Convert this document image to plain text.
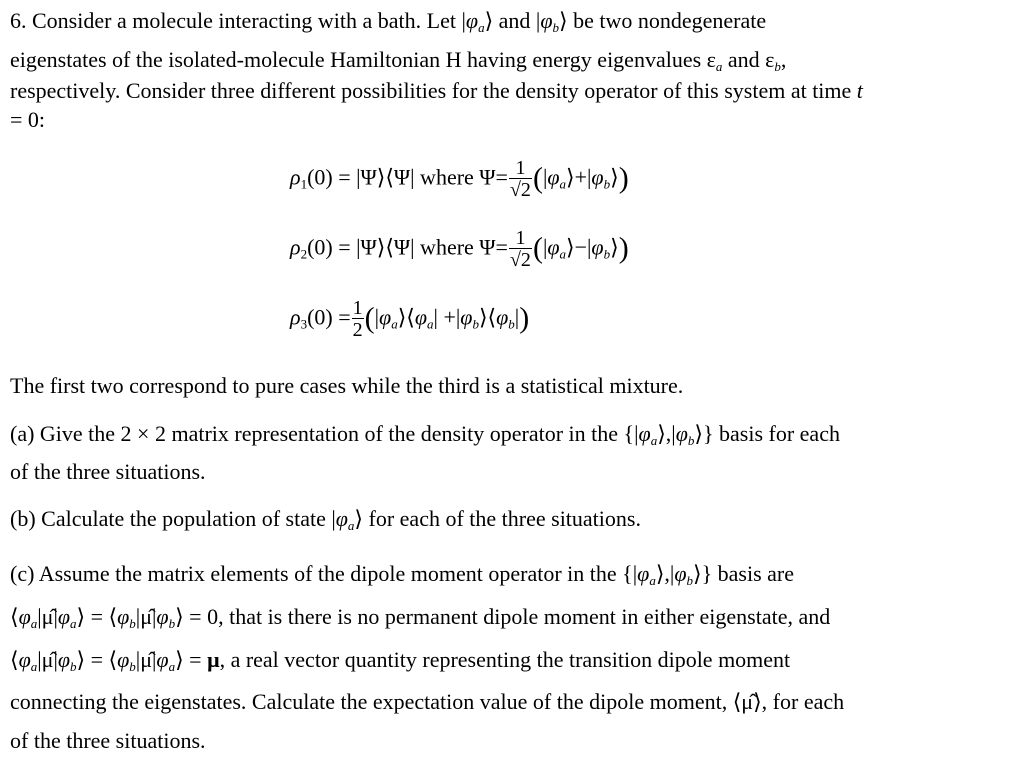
6. Consider a molecule interacting with a bath. Let $|\varphi_a⟩$ and $|\varphi_b⟩$ be two nondegenerate
eigenstates of the isolated-molecule Hamiltonian H having energy eigenvalues $\varepsilon_a$ and $\varepsilon_b$,
respectively. Consider three different possibilities for the density operator of this system at time t
= 0:
ρ1(0) = |Ψ⟩⟨Ψ| where $\Psi= \frac{1}{√2}$ $(|\varphi_a⟩+|\varphi_b⟩)$
ρ2(0) = |Ψ⟩⟨Ψ| where $\Psi= \frac{1}{√2}$ $(|\varphi_a⟩-|\varphi_b⟩)$
$\rho 3(0) = \frac{1}{2}$ ($|\varphi_a⟩⟨\varphi_a|$ $+|\varphi_b⟩⟨\varphi_b|$)
The first two correspond to pure cases while the third is a statistical mixture.
(a) Give the 2 × 2 matrix representation of the density operator in the $\{|\varphi_a⟩,|\varphi_b⟩\}$ basis for each
of the three situations.
(b) Calculate the population of state $|\varphi_a⟩$ for each of the three situations.
(c) Assume the matrix elements of the dipole moment operator in the $\{|\varphi_a⟩,|\varphi_b⟩\}$ basis are
$⟨\varphi_a|\mû|\varphi_a⟩$ = $⟨\varphi_b|\mû|\varphi_b⟩ = 0$, that is there is no permanent dipole moment in either eigenstate, and
$⟨\varphi_a|\mû|\varphi_b⟩$ = $⟨\varphi_b|\mû|\varphi_a⟩ = \mu$, a real vector quantity representing the transition dipole moment
connecting the eigenstates. Calculate the expectation value of the dipole moment, ⟨μ̂⟩, for each
of the three situations.
